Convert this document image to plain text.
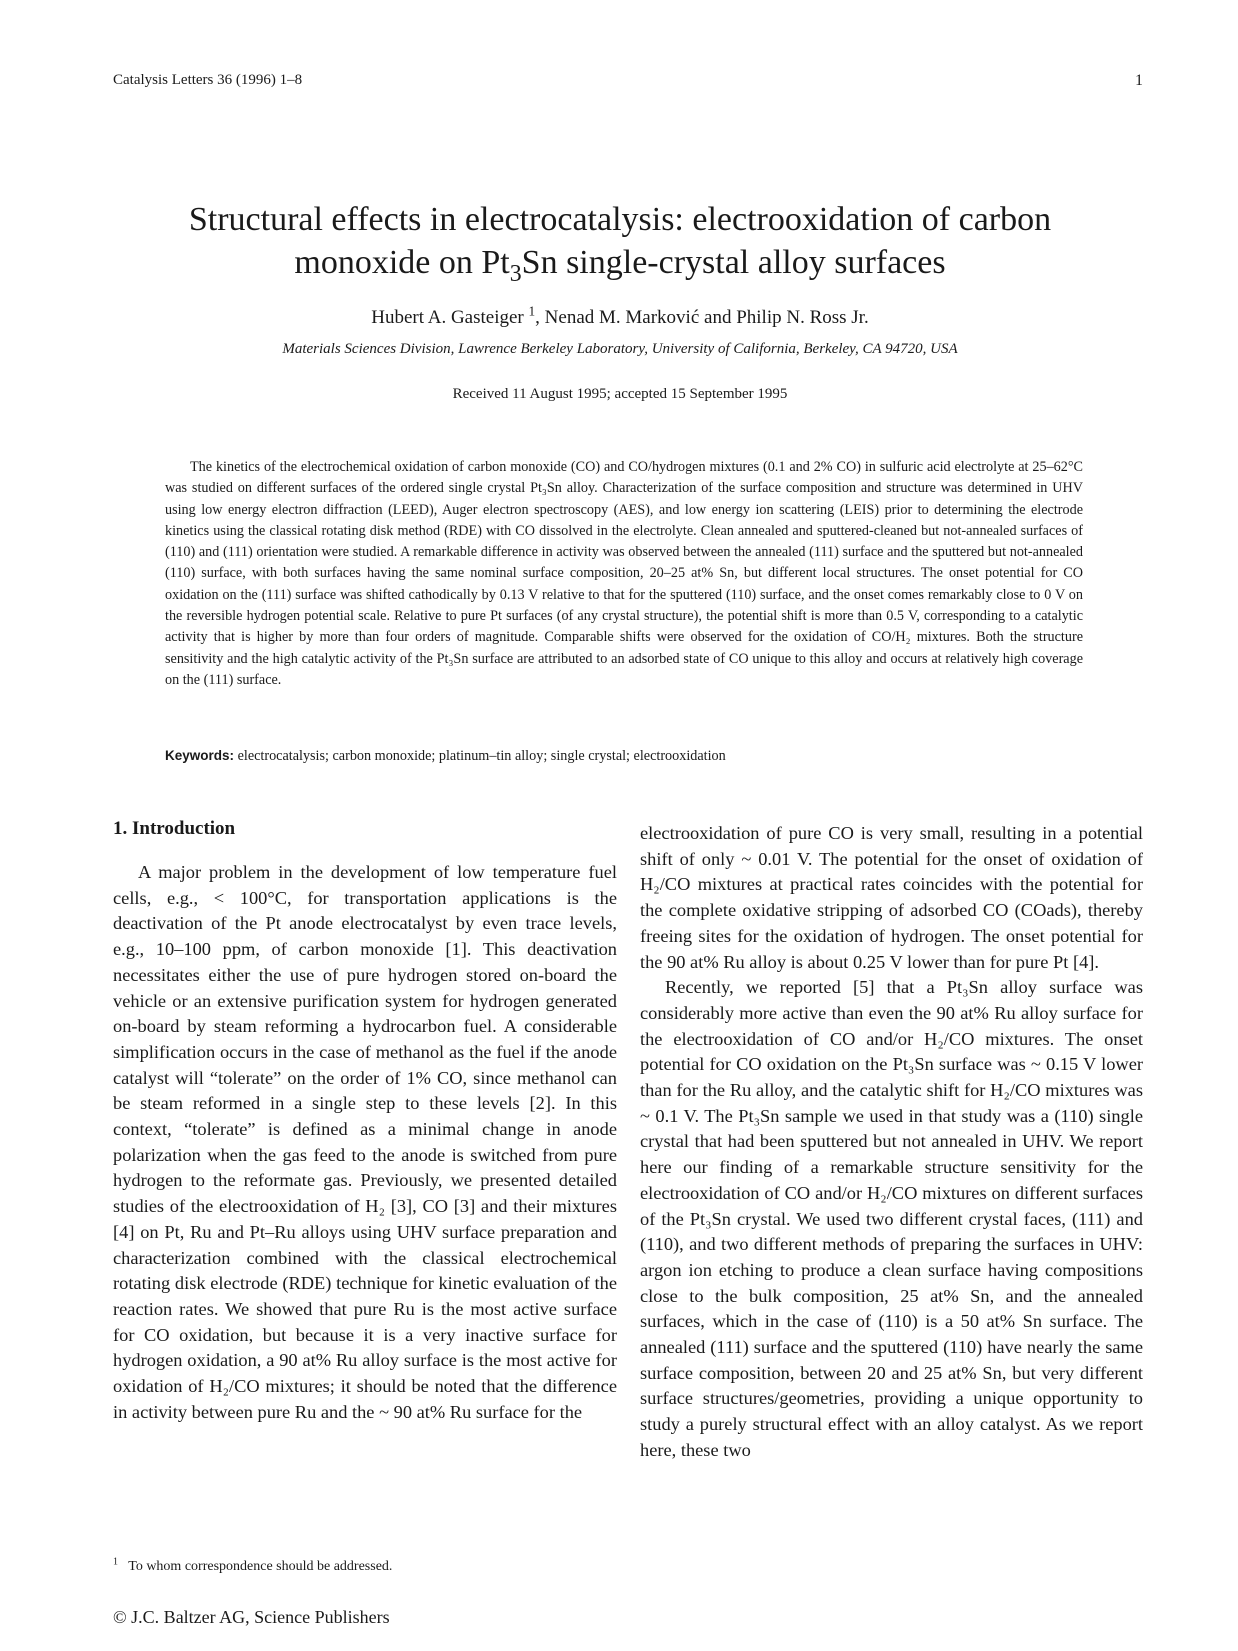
Catalysis Letters 36 (1996) 1–8	1
Structural effects in electrocatalysis: electrooxidation of carbon
monoxide on $Pt_3Sn$ single-crystal alloy surfaces
Hubert A. Gasteiger $^1$, Nenad M. Marković and Philip N. Ross Jr.
Materials Sciences Division, Lawrence Berkeley Laboratory, University of California, Berkeley, CA 94720, USA
Received 11 August 1995; accepted 15 September 1995
The kinetics of the electrochemical oxidation of carbon monoxide (CO) and CO/hydrogen mixtures (0.1 and 2% CO) in sulfuric acid electrolyte at 25–62°C was studied on different surfaces of the ordered single crystal Pt₃Sn alloy. Characterization of the surface composition and structure was determined in UHV using low energy electron diffraction (LEED), Auger electron spectroscopy (AES), and low energy ion scattering (LEIS) prior to determining the electrode kinetics using the classical rotating disk method (RDE) with CO dissolved in the electrolyte. Clean annealed and sputtered-cleaned but not-annealed surfaces of (110) and (111) orientation were studied. A remarkable difference in activity was observed between the annealed (111) surface and the sputtered but not-annealed (110) surface, with both surfaces having the same nominal surface composition, 20–25 at% Sn, but different local structures. The onset potential for CO oxidation on the (111) surface was shifted cathodically by 0.13 V relative to that for the sputtered (110) surface, and the onset comes remarkably close to 0 V on the reversible hydrogen potential scale. Relative to pure Pt surfaces (of any crystal structure), the potential shift is more than 0.5 V, corresponding to a catalytic activity that is higher by more than four orders of magnitude. Comparable shifts were observed for the oxidation of CO/H₂ mixtures. Both the structure sensitivity and the high catalytic activity of the Pt₃Sn surface are attributed to an adsorbed state of CO unique to this alloy and occurs at relatively high coverage on the (111) surface.
Keywords: electrocatalysis; carbon monoxide; platinum–tin alloy; single crystal; electrooxidation
1. Introduction

A major problem in the development of low temperature fuel cells, e.g., < 100°C, for transportation applications is the deactivation of the Pt anode electrocatalyst by even trace levels, e.g., 10–100 ppm, of carbon monoxide [1]. This deactivation necessitates either the use of pure hydrogen stored on-board the vehicle or an extensive purification system for hydrogen generated on-board by steam reforming a hydrocarbon fuel. A considerable simplification occurs in the case of methanol as the fuel if the anode catalyst will “tolerate” on the order of 1% CO, since methanol can be steam reformed in a single step to these levels [2]. In this context, “tolerate” is defined as a minimal change in anode polarization when the gas feed to the anode is switched from pure hydrogen to the reformate gas. Previously, we presented detailed studies of the electrooxidation of H₂ [3], CO [3] and their mixtures [4] on Pt, Ru and Pt–Ru alloys using UHV surface preparation and characterization combined with the classical electrochemical rotating disk electrode (RDE) technique for kinetic evaluation of the reaction rates. We showed that pure Ru is the most active surface for CO oxidation, but because it is a very inactive surface for hydrogen oxidation, a 90 at% Ru alloy surface is the most active for oxidation of H₂/CO mixtures; it should be noted that the difference in activity between pure Ru and the ~ 90 at% Ru surface for the

electrooxidation of pure CO is very small, resulting in a potential shift of only ~ 0.01 V. The potential for the onset of oxidation of H₂/CO mixtures at practical rates coincides with the potential for the complete oxidative stripping of adsorbed CO (COads), thereby freeing sites for the oxidation of hydrogen. The onset potential for the 90 at% Ru alloy is about 0.25 V lower than for pure Pt [4].

Recently, we reported [5] that a Pt₃Sn alloy surface was considerably more active than even the 90 at% Ru alloy surface for the electrooxidation of CO and/or H₂/CO mixtures. The onset potential for CO oxidation on the Pt₃Sn surface was ~ 0.15 V lower than for the Ru alloy, and the catalytic shift for H₂/CO mixtures was ~ 0.1 V. The Pt₃Sn sample we used in that study was a (110) single crystal that had been sputtered but not annealed in UHV. We report here our finding of a remarkable structure sensitivity for the electrooxidation of CO and/or H₂/CO mixtures on different surfaces of the Pt₃Sn crystal. We used two different crystal faces, (111) and (110), and two different methods of preparing the surfaces in UHV: argon ion etching to produce a clean surface having compositions close to the bulk composition, 25 at% Sn, and the annealed surfaces, which in the case of (110) is a 50 at% Sn surface. The annealed (111) surface and the sputtered (110) have nearly the same surface composition, between 20 and 25 at% Sn, but very different surface structures/geometries, providing a unique opportunity to study a purely structural effect with an alloy catalyst. As we report here, these two

$^1$ To whom correspondence should be addressed.
© J.C. Baltzer AG, Science Publishers
